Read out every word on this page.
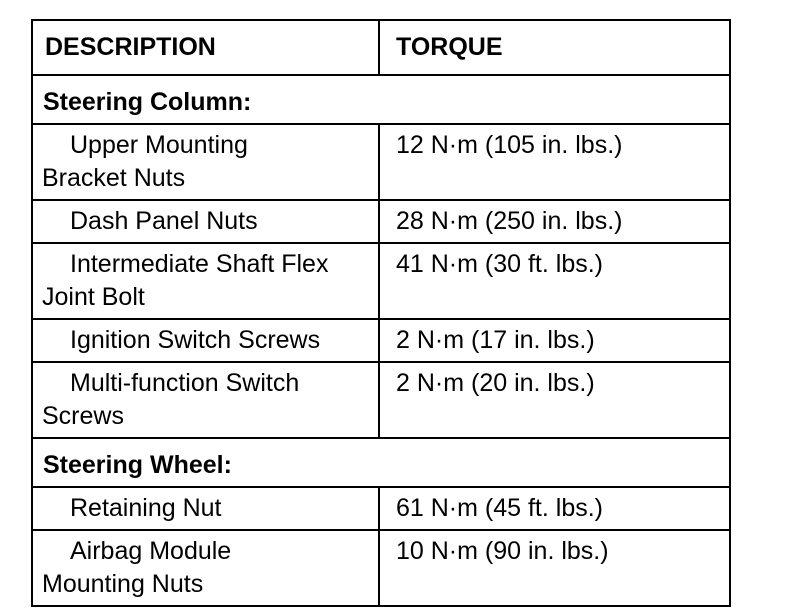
DESCRIPTION	TORQUE
Steering Column:	
Upper Mounting
Bracket Nuts	12 N·m (105 in. lbs.)
Dash Panel Nuts	28 N·m (250 in. lbs.)
Intermediate Shaft Flex
Joint Bolt	41 N·m (30 ft. lbs.)
Ignition Switch Screws	2 N·m (17 in. lbs.)
Multi-function Switch
Screws	2 N·m (20 in. lbs.)
Steering Wheel:	
Retaining Nut	61 N·m (45 ft. lbs.)
Airbag Module
Mounting Nuts	10 N·m (90 in. lbs.)
